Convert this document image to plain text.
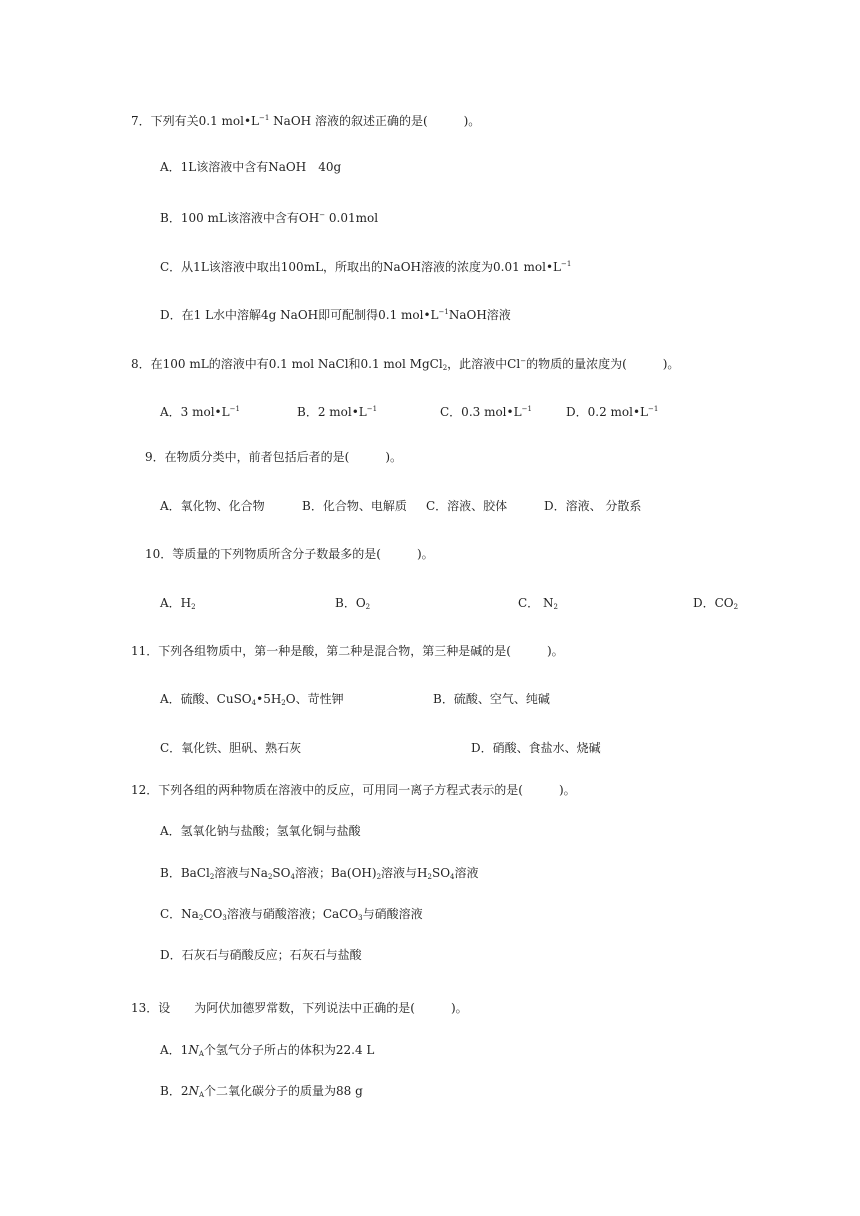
7．下列有关0.1 $mol•L^{-1}$ NaOH 溶液的叙述正确的是(　　　)。
A．1L该溶液中含有NaOH　40g
B．100 mL该溶液中含有OH− 0.01mol
C．从1L该溶液中取出100mL，所取出的NaOH溶液的浓度为0.01 $mol•L^{-1}$
D．在1 L水中溶解4g NaOH即可配制得0.1 $mol•L^{-1}NaOH$溶液
8．在100 mL的溶液中有0.1 mol NaCl和0.1 mol MgCl$_2$，此溶液中Cl−的物质的量浓度为(　　　)。
A．3 $mol•L^{-1}$	B．2 $mol•L^{-1}$	C．0.3 $mol•L^{-1}$	D．0.2 $mol•L^{-1}$
9．在物质分类中，前者包括后者的是(　　　)。
A．氧化物、化合物	B．化合物、电解质 C．溶液、胶体	D．溶液、 分散系
10．等质量的下列物质所含分子数最多的是(　　　)。
A．$H_2$	B．$O_2$	C． $N_2$	D．$CO_2$
11．下列各组物质中，第一种是酸，第二种是混合物，第三种是碱的是(　　　)。
A．硫酸、$CuSO_4•5H_2O$、苛性钾	B．硫酸、空气、纯碱
C．氧化铁、胆矾、熟石灰	D．硝酸、食盐水、烧碱
12．下列各组的两种物质在溶液中的反应，可用同一离子方程式表示的是(　　　)。
A．氢氧化钠与盐酸；氢氧化铜与盐酸
B．BaCl$_2$溶液与$Na_2SO_4$溶液；$Ba(OH)_2$溶液与$H_2SO_4$溶液
C．$Na_2CO_3$溶液与硝酸溶液；CaCO$_3$与硝酸溶液
D．石灰石与硝酸反应；石灰石与盐酸
13．设　　为阿伏加德罗常数，下列说法中正确的是(　　　)。
A．$1N_A$个氢气分子所占的体积为22.4 L
B．$2N_A$个二氧化碳分子的质量为88 g
